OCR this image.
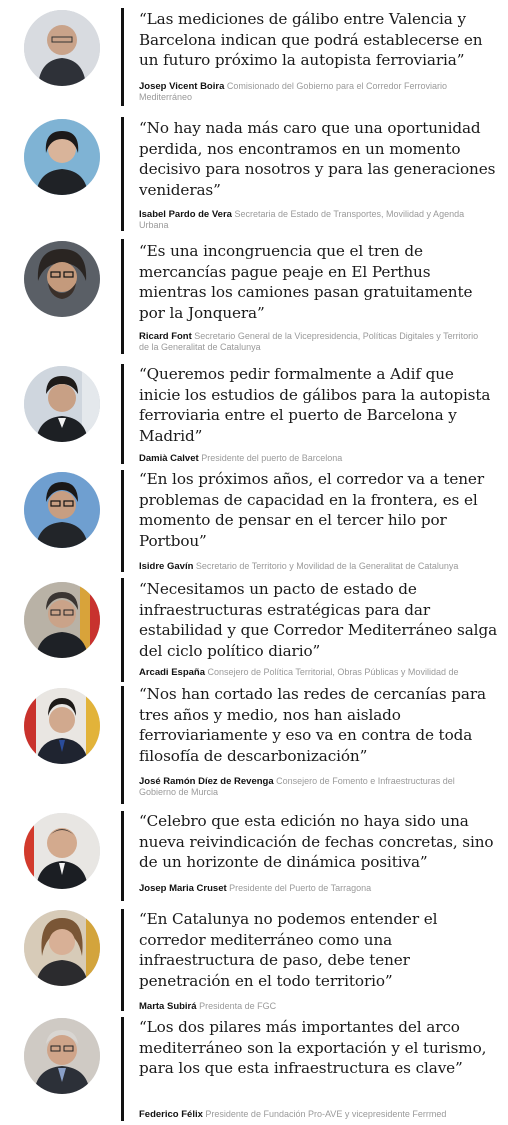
“Las mediciones de gálibo entre Valencia y Barcelona indican que podrá establecerse en un futuro próximo la autopista ferroviaria”

Josep Vicent Boira Comisionado del Gobierno para el Corredor Ferroviario Mediterráneo

“No hay nada más caro que una oportunidad perdida, nos encontramos en un momento decisivo para nosotros y para las generaciones venideras”

Isabel Pardo de Vera Secretaria de Estado de Transportes, Movilidad y Agenda Urbana

“Es una incongruencia que el tren de mercancías pague peaje en El Perthus mientras los camiones pasan gratuitamente por la Jonquera”

Ricard Font Secretario General de la Vicepresidencia, Políticas Digitales y Territorio de la Generalitat de Catalunya

“Queremos pedir formalmente a Adif que inicie los estudios de gálibos para la autopista ferroviaria entre el puerto de Barcelona y Madrid”

Damià Calvet Presidente del puerto de Barcelona

“En los próximos años, el corredor va a tener problemas de capacidad en la frontera, es el momento de pensar en el tercer hilo por Portbou”

Isidre Gavín Secretario de Territorio y Movilidad de la Generalitat de Catalunya

“Necesitamos un pacto de estado de infraestructuras estratégicas para dar estabilidad y que Corredor Mediterráneo salga del ciclo político diario”

Arcadi España Consejero de Política Territorial, Obras Públicas y Movilidad de

“Nos han cortado las redes de cercanías para tres años y medio, nos han aislado ferroviariamente y eso va en contra de toda filosofía de descarbonización”

José Ramón Díez de Revenga Consejero de Fomento e Infraestructuras del Gobierno de Murcia

“Celebro que esta edición no haya sido una nueva reivindicación de fechas concretas, sino de un horizonte de dinámica positiva”

Josep Maria Cruset Presidente del Puerto de Tarragona

“En Catalunya no podemos entender el corredor mediterráneo como una infraestructura de paso, debe tener penetración en el todo territorio”

Marta Subirá Presidenta de FGC

“Los dos pilares más importantes del arco mediterráneo son la exportación y el turismo, para los que esta infraestructura es clave”

Federico Félix Presidente de Fundación Pro-AVE y vicepresidente Ferrmed
